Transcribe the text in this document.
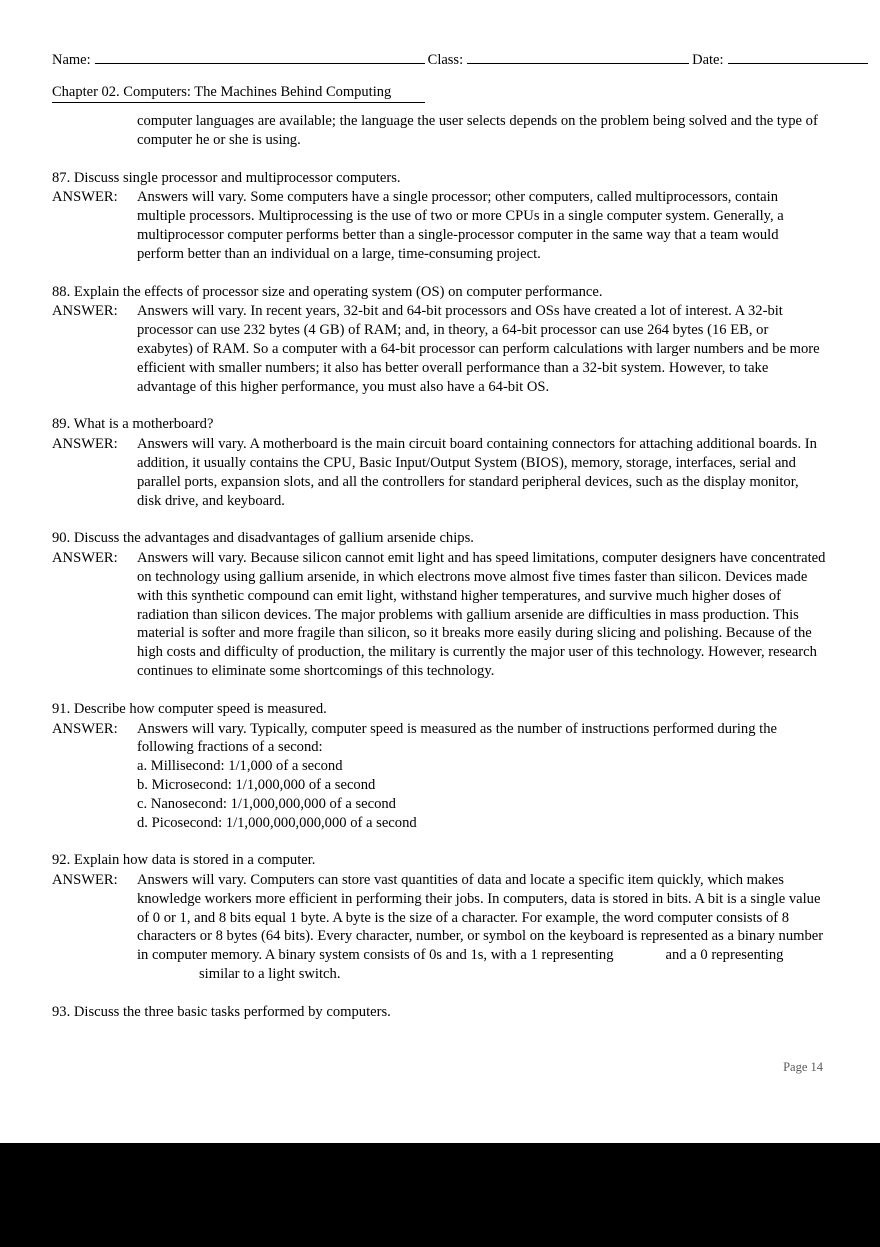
Name:	Class:	Date:
Chapter 02. Computers: The Machines Behind Computing

computer languages are available; the language the user selects depends on the problem being solved and the type of computer he or she is using.

87. Discuss single processor and multiprocessor computers.

ANSWER:	Answers will vary. Some computers have a single processor; other computers, called multiprocessors, contain multiple processors. Multiprocessing is the use of two or more CPUs in a single computer system. Generally, a multiprocessor computer performs better than a single-processor computer in the same way that a team would perform better than an individual on a large, time-consuming project.

88. Explain the effects of processor size and operating system (OS) on computer performance.

ANSWER:	Answers will vary. In recent years, 32-bit and 64-bit processors and OSs have created a lot of interest. A 32-bit processor can use 232 bytes (4 GB) of RAM; and, in theory, a 64-bit processor can use 264 bytes (16 EB, or exabytes) of RAM. So a computer with a 64-bit processor can perform calculations with larger numbers and be more efficient with smaller numbers; it also has better overall performance than a 32-bit system. However, to take advantage of this higher performance, you must also have a 64-bit OS.

89. What is a motherboard?

ANSWER:	Answers will vary. A motherboard is the main circuit board containing connectors for attaching additional boards. In addition, it usually contains the CPU, Basic Input/Output System (BIOS), memory, storage, interfaces, serial and parallel ports, expansion slots, and all the controllers for standard peripheral devices, such as the display monitor, disk drive, and keyboard.

90. Discuss the advantages and disadvantages of gallium arsenide chips.

ANSWER:	Answers will vary. Because silicon cannot emit light and has speed limitations, computer designers have concentrated on technology using gallium arsenide, in which electrons move almost five times faster than silicon. Devices made with this synthetic compound can emit light, withstand higher temperatures, and survive much higher doses of radiation than silicon devices. The major problems with gallium arsenide are difficulties in mass production. This material is softer and more fragile than silicon, so it breaks more easily during slicing and polishing. Because of the high costs and difficulty of production, the military is currently the major user of this technology. However, research continues to eliminate some shortcomings of this technology.

91. Describe how computer speed is measured.

ANSWER:	Answers will vary. Typically, computer speed is measured as the number of instructions performed during the following fractions of a second:

a. Millisecond: 1/1,000 of a second
b. Microsecond: 1/1,000,000 of a second
c. Nanosecond: 1/1,000,000,000 of a second
d. Picosecond: 1/1,000,000,000,000 of a second

92. Explain how data is stored in a computer.

ANSWER:	Answers will vary. Computers can store vast quantities of data and locate a specific item quickly, which makes knowledge workers more efficient in performing their jobs. In computers, data is stored in bits. A bit is a single value of 0 or 1, and 8 bits equal 1 byte. A byte is the size of a character. For example, the word computer consists of 8 characters or 8 bytes (64 bits). Every character, number, or symbol on the keyboard is represented as a binary number in computer memory. A binary system consists of 0s and 1s, with a 1 representing	and a 0 representingsimilar to a light switch.

93. Discuss the three basic tasks performed by computers.

Page 14
